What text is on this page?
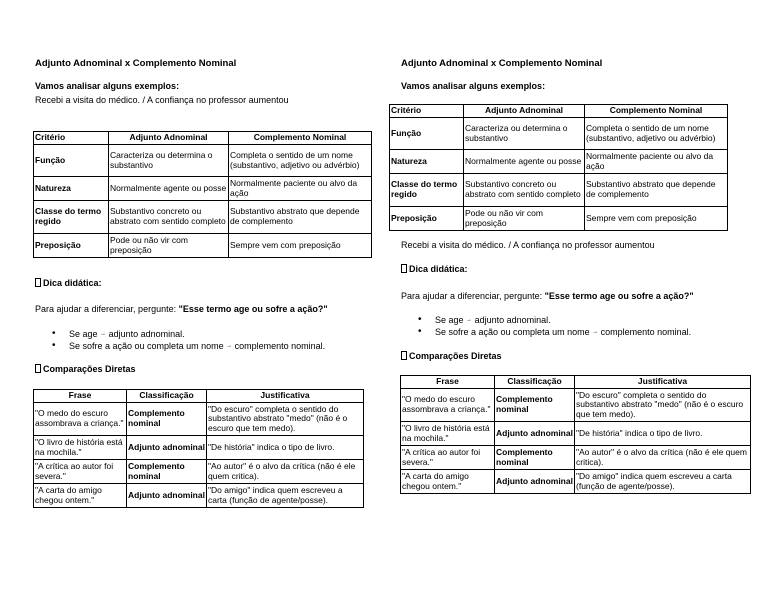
Adjunto Adnominal x Complemento Nominal
Vamos analisar alguns exemplos:
Recebi a visita do médico. / A confiança no professor aumentou
Critério	Adjunto Adnominal	Complemento Nominal
Função	Caracteriza ou determina o substantivo	Completa o sentido de um nome (substantivo, adjetivo ou advérbio)
Natureza	Normalmente agente ou posse	Normalmente paciente ou alvo da ação
Classe do termo regido	Substantivo concreto ou abstrato com sentido completo	Substantivo abstrato que depende de complemento
Preposição	Pode ou não vir com preposição	Sempre vem com preposição
Dica didática:
Para ajudar a diferenciar, pergunte: "Esse termo age ou sofre a ação?"
• Se age → adjunto adnominal.
• Se sofre a ação ou completa um nome → complemento nominal.
Comparações Diretas
Frase	Classificação	Justificativa
"O medo do escuro assombrava a criança."	Complemento nominal	"Do escuro" completa o sentido do substantivo abstrato "medo" (não é o escuro que tem medo).
"O livro de história está na mochila."	Adjunto adnominal	"De história" indica o tipo de livro.
"A crítica ao autor foi severa."	Complemento nominal	"Ao autor" é o alvo da crítica (não é ele quem critica).
"A carta do amigo chegou ontem."	Adjunto adnominal	"Do amigo" indica quem escreveu a carta (função de agente/posse).
Adjunto Adnominal x Complemento Nominal
Vamos analisar alguns exemplos:
Critério	Adjunto Adnominal	Complemento Nominal
Função	Caracteriza ou determina o substantivo	Completa o sentido de um nome (substantivo, adjetivo ou advérbio)
Natureza	Normalmente agente ou posse	Normalmente paciente ou alvo da ação
Classe do termo regido	Substantivo concreto ou abstrato com sentido completo	Substantivo abstrato que depende de complemento
Preposição	Pode ou não vir com preposição	Sempre vem com preposição
Recebi a visita do médico. / A confiança no professor aumentou
Dica didática:
Para ajudar a diferenciar, pergunte: "Esse termo age ou sofre a ação?"
• Se age → adjunto adnominal.
• Se sofre a ação ou completa um nome → complemento nominal.
Comparações Diretas
Frase	Classificação	Justificativa
"O medo do escuro assombrava a criança."	Complemento nominal	"Do escuro" completa o sentido do substantivo abstrato "medo" (não é o escuro que tem medo).
"O livro de história está na mochila."	Adjunto adnominal	"De história" indica o tipo de livro.
"A crítica ao autor foi severa."	Complemento nominal	"Ao autor" é o alvo da crítica (não é ele quem critica).
"A carta do amigo chegou ontem."	Adjunto adnominal	"Do amigo" indica quem escreveu a carta (função de agente/posse).
